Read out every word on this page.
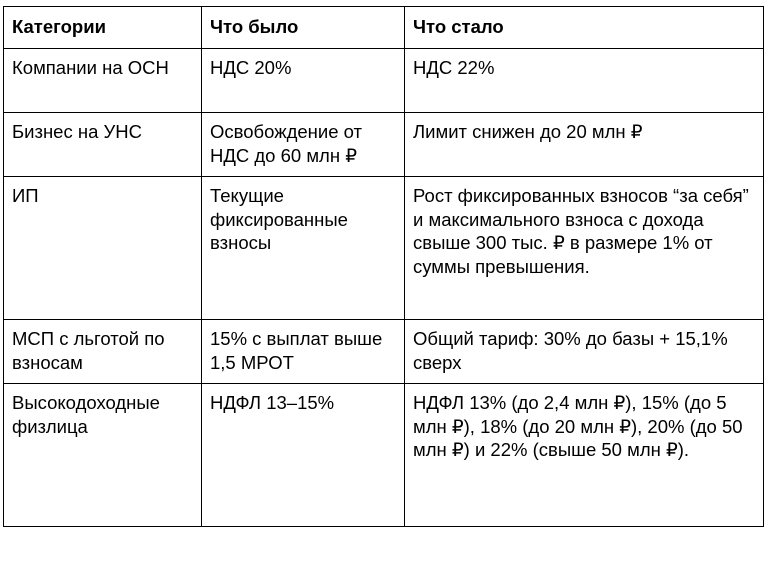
Категории	Что было	Что стало
Компании на ОСН	НДС 20%	НДС 22%
Бизнес на УНС	Освобождение от НДС до 60 млн ₽	Лимит снижен до 20 млн ₽
ИП	Текущие фиксированные взносы	Рост фиксированных взносов “за себя” и максимального взноса с дохода свыше 300 тыс. ₽ в размере 1% от суммы превышения.
МСП с льготой по взносам	15% с выплат выше 1,5 МРОТ	Общий тариф: 30% до базы + 15,1% сверх
Высокодоходные физлица	НДФЛ 13–15%	НДФЛ 13% (до 2,4 млн ₽), 15% (до 5 млн ₽), 18% (до 20 млн ₽), 20% (до 50 млн ₽) и 22% (свыше 50 млн ₽).
